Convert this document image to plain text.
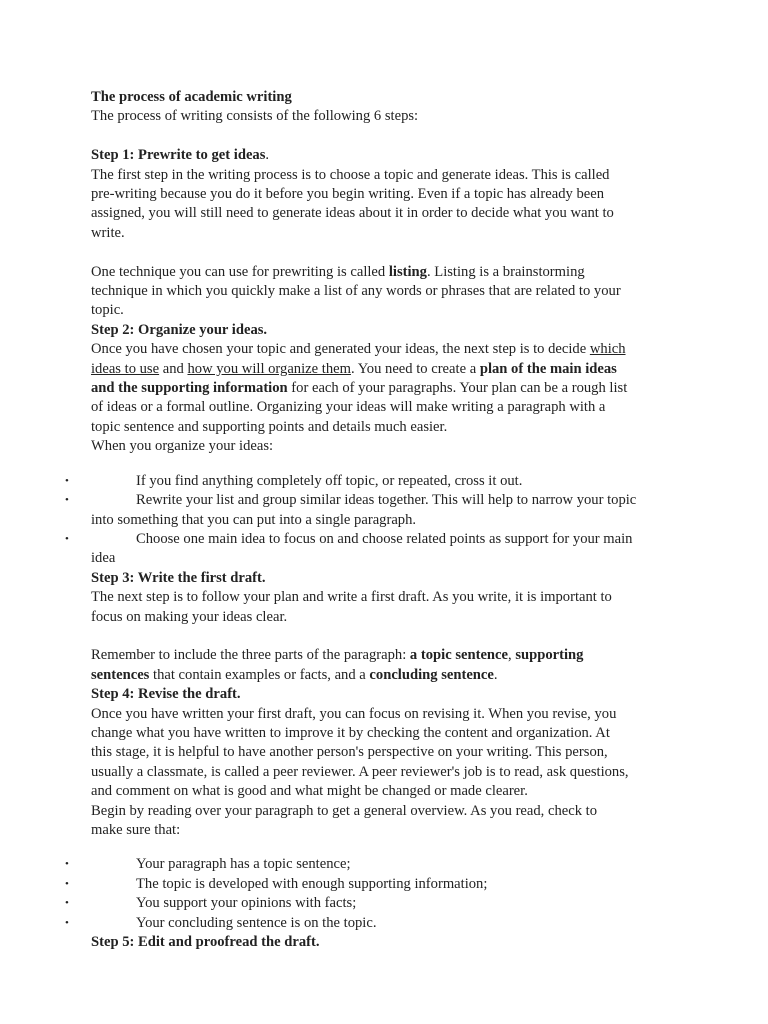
The process of academic writing
The process of writing consists of the following 6 steps:
Step 1: Prewrite to get ideas.
The first step in the writing process is to choose a topic and generate ideas. This is called
pre-writing because you do it before you begin writing. Even if a topic has already been
assigned, you will still need to generate ideas about it in order to decide what you want to
write.
One technique you can use for prewriting is called listing. Listing is a brainstorming
technique in which you quickly make a list of any words or phrases that are related to your
topic.
Step 2: Organize your ideas.
Once you have chosen your topic and generated your ideas, the next step is to decide which
ideas to use and how you will organize them. You need to create a plan of the main ideas
and the supporting information for each of your paragraphs. Your plan can be a rough list
of ideas or a formal outline. Organizing your ideas will make writing a paragraph with a
topic sentence and supporting points and details much easier.
When you organize your ideas:
•	If you find anything completely off topic, or repeated, cross it out.
•	Rewrite your list and group similar ideas together. This will help to narrow your topic
into something that you can put into a single paragraph.
•	Choose one main idea to focus on and choose related points as support for your main
idea
Step 3: Write the first draft.
The next step is to follow your plan and write a first draft. As you write, it is important to
focus on making your ideas clear.
Remember to include the three parts of the paragraph: a topic sentence, supporting
sentences that contain examples or facts, and a concluding sentence.
Step 4: Revise the draft.
Once you have written your first draft, you can focus on revising it. When you revise, you
change what you have written to improve it by checking the content and organization. At
this stage, it is helpful to have another person's perspective on your writing. This person,
usually a classmate, is called a peer reviewer. A peer reviewer's job is to read, ask questions,
and comment on what is good and what might be changed or made clearer.
Begin by reading over your paragraph to get a general overview. As you read, check to
make sure that:
•	Your paragraph has a topic sentence;
•	The topic is developed with enough supporting information;
•	You support your opinions with facts;
•	Your concluding sentence is on the topic.
Step 5: Edit and proofread the draft.
